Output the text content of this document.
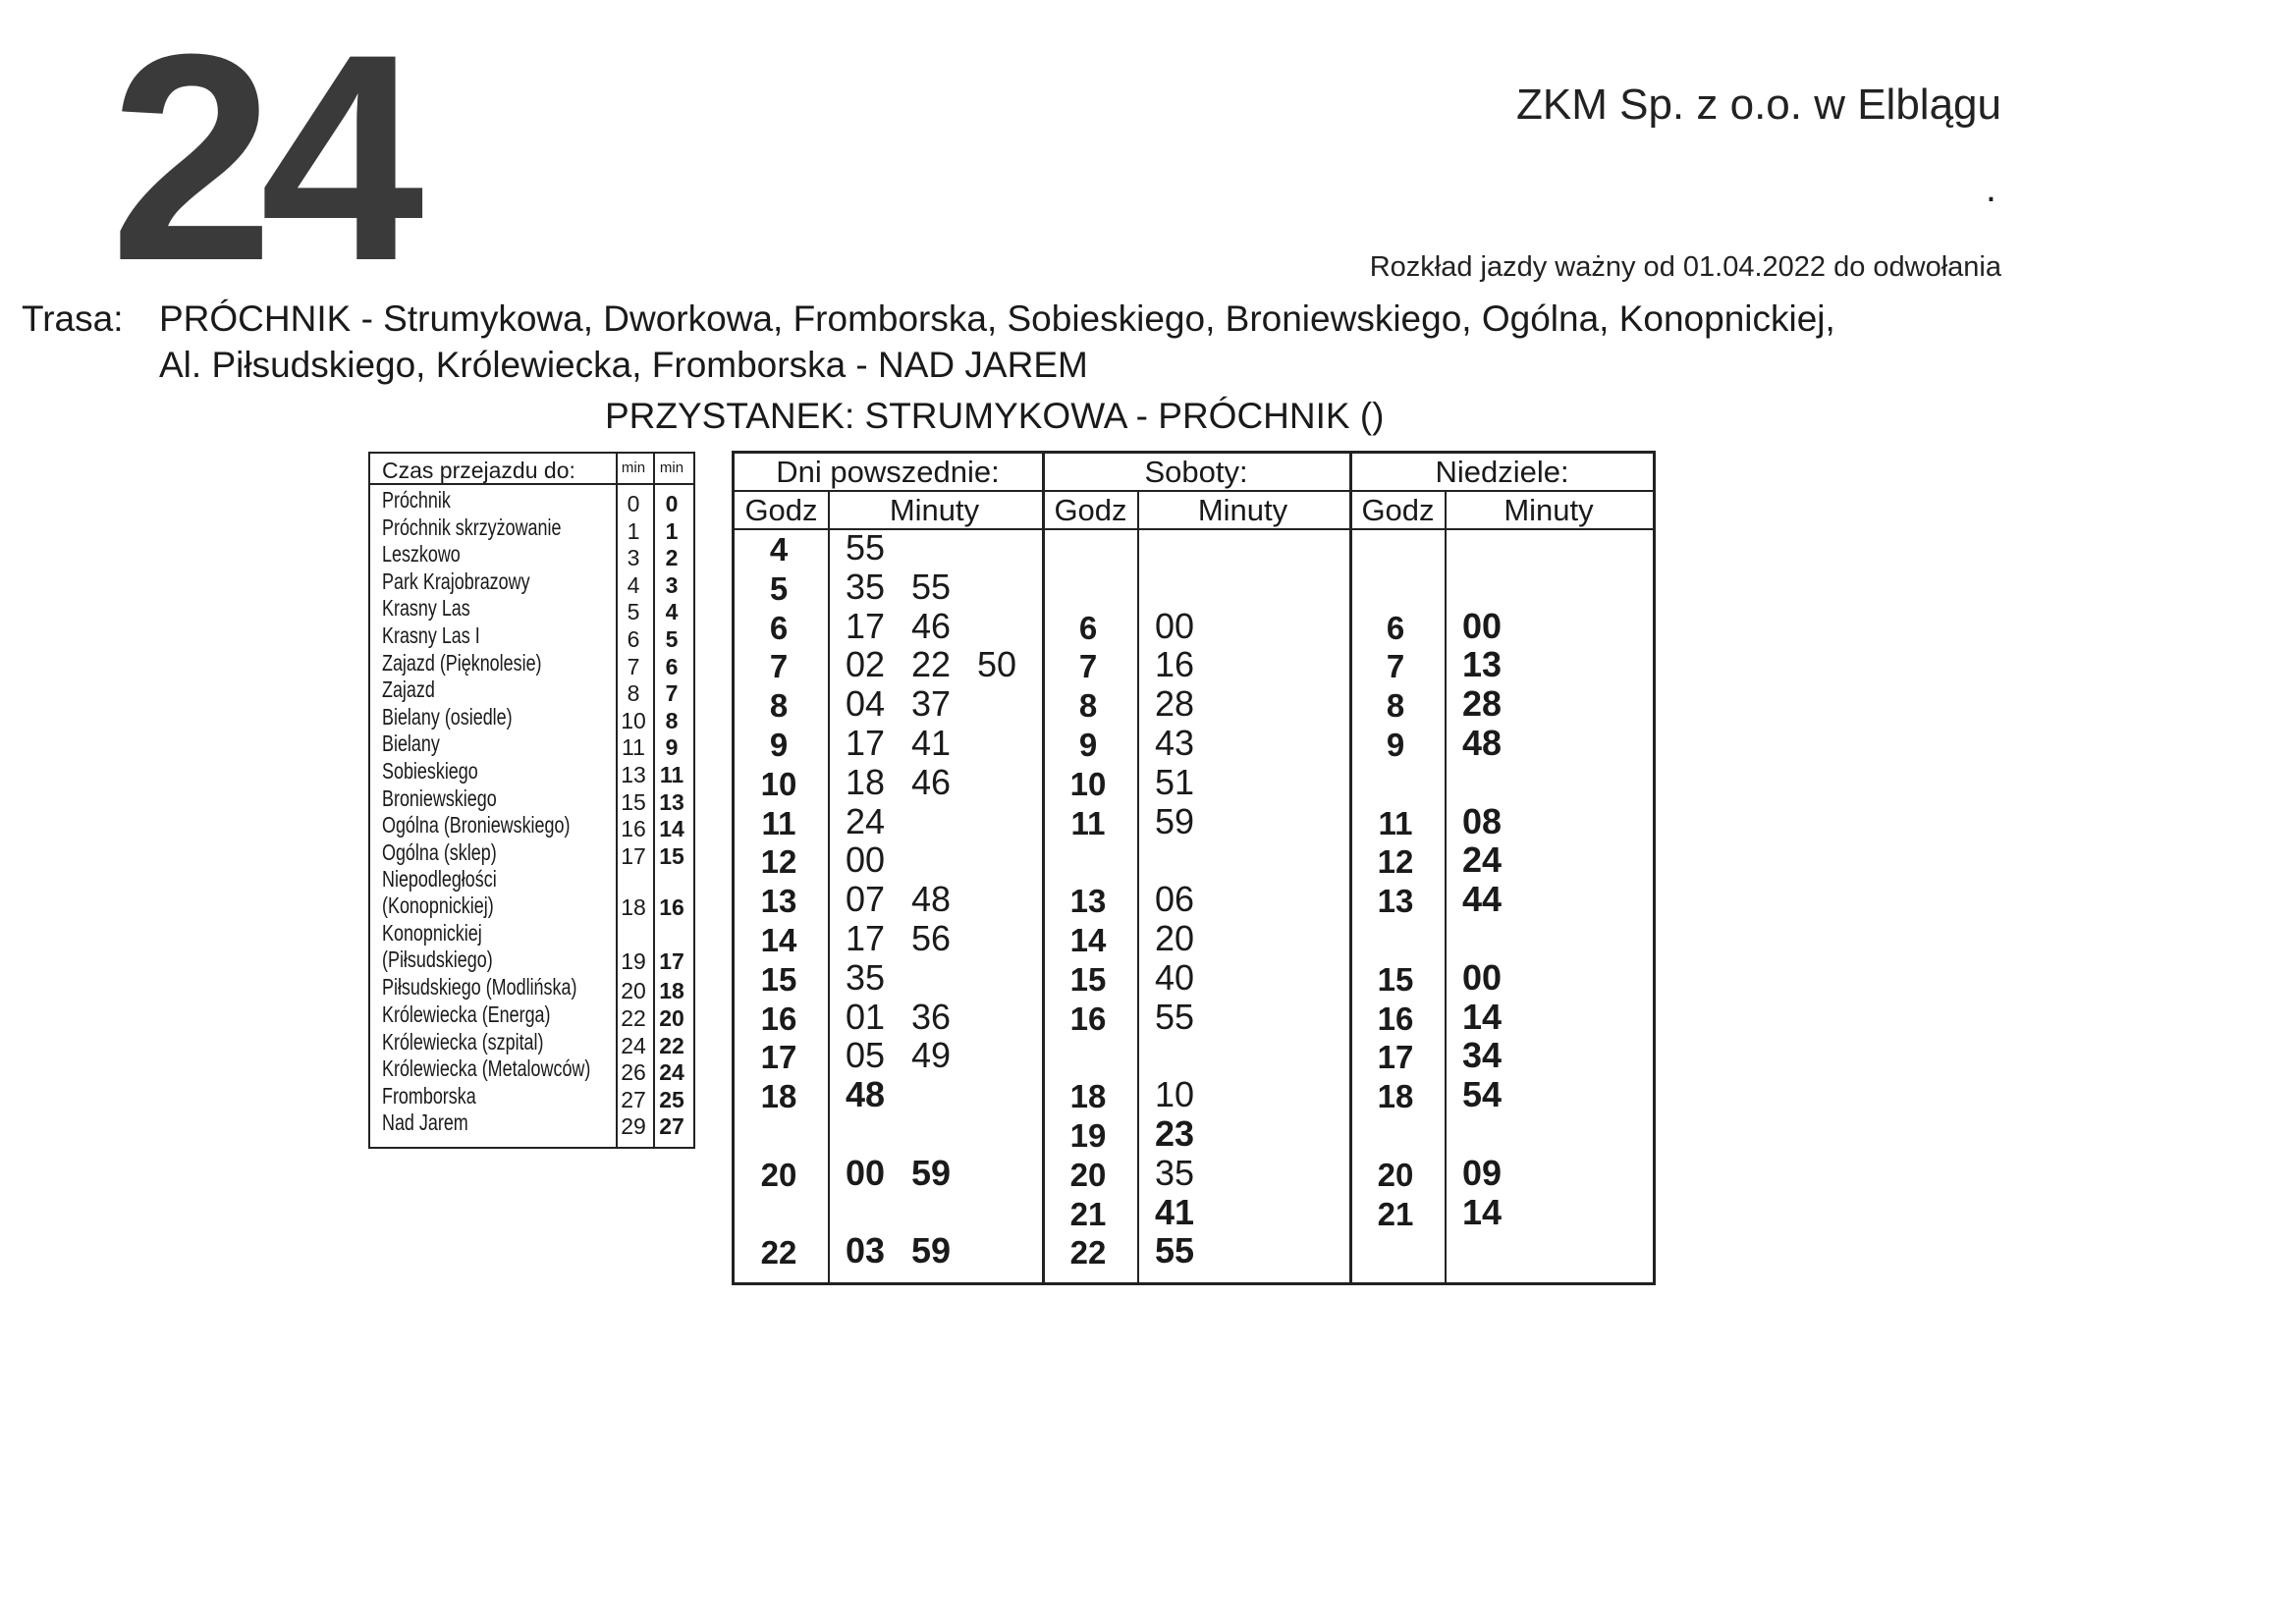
24	ZKM Sp. z o.o. w Elblągu
.
Rozkład jazdy ważny od 01.04.2022 do odwołania
Trasa: PRÓCHNIK - Strumykowa, Dworkowa, Fromborska, Sobieskiego, Broniewskiego, Ogólna, Konopnickiej,
Al. Piłsudskiego, Królewiecka, Fromborska - NAD JAREM
PRZYSTANEK: STRUMYKOWA - PRÓCHNIK ()
Czas przejazdu do:	min min
Próchnik	0	0
Próchnik skrzyżowanie	1	1
Leszkowo	3	2
Park Krajobrazowy	4	3
Krasny Las	5	4
Krasny Las I	6	5
Zajazd (Pięknolesie)	7	6
Zajazd	8	7
Bielany (osiedle)	10 8
Bielany	11 9
Sobieskiego	13 11
Broniewskiego	15 13
Ogólna (Broniewskiego) 16 14
Ogólna (sklep)	17 15
Niepodległości
(Konopnickiej)	18 16
Konopnickiej
(Piłsudskiego)	19 17
Piłsudskiego (Modlińska) 20 18
Królewiecka (Energa)	22 20
Królewiecka (szpital)	24 22
Królewiecka (Metalowców) 26 24
Fromborska	27 25
Nad Jarem	29 27
Dni powszednie:
Godz	Minuty
4	55
5	35 55
6	17 46
7	02 22 50
8	04 37
9	17 41
10	18 46
11	24
12	00
13	07 48
14	17 56
15	35
16	01 36
17	05 49
18	48
20	00 59
22	03 59
Soboty:
Godz	Minuty
6	00
7	16
8	28
9	43
10	51
11	59
13	06
14	20
15	40
16	55
18	10
19	23
20	35
21	41
22	55
Niedziele:
Godz	Minuty
6	00
7	13
8	28
9	48
11	08
12	24
13	44
15	00
16	14
17	34
18	54
20	09
21	14
